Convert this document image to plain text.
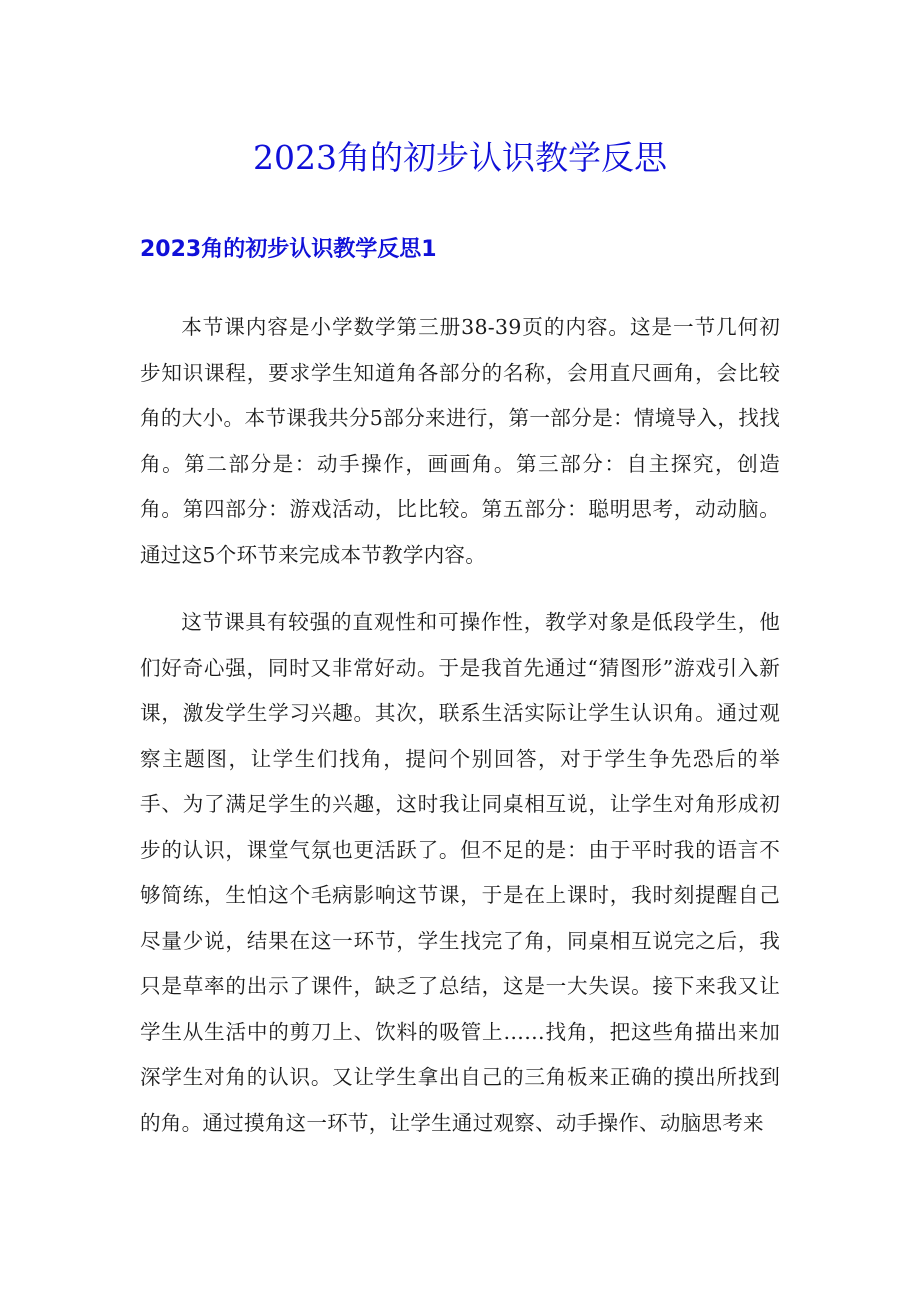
2023角的初步认识教学反思
2023角的初步认识教学反思1

本节课内容是小学数学第三册38-39页的内容。这是一节几何初步知识课程，要求学生知道角各部分的名称，会用直尺画角，会比较角的大小。本节课我共分5部分来进行，第一部分是：情境导入，找找角。第二部分是：动手操作，画画角。第三部分：自主探究，创造角。第四部分：游戏活动，比比较。第五部分：聪明思考，动动脑。通过这5个环节来完成本节教学内容。

这节课具有较强的直观性和可操作性，教学对象是低段学生，他们好奇心强，同时又非常好动。于是我首先通过“猜图形”游戏引入新课，激发学生学习兴趣。其次，联系生活实际让学生认识角。通过观察主题图，让学生们找角，提问个别回答，对于学生争先恐后的举手、为了满足学生的兴趣，这时我让同桌相互说，让学生对角形成初步的认识，课堂气氛也更活跃了。但不足的是：由于平时我的语言不够简练，生怕这个毛病影响这节课，于是在上课时，我时刻提醒自己尽量少说，结果在这一环节，学生找完了角，同桌相互说完之后，我只是草率的出示了课件，缺乏了总结，这是一大失误。接下来我又让学生从生活中的剪刀上、饮料的吸管上……找角，把这些角描出来加深学生对角的认识。又让学生拿出自己的三角板来正确的摸出所找到的角。通过摸角这一环节，让学生通过观察、动手操作、动脑思考来
